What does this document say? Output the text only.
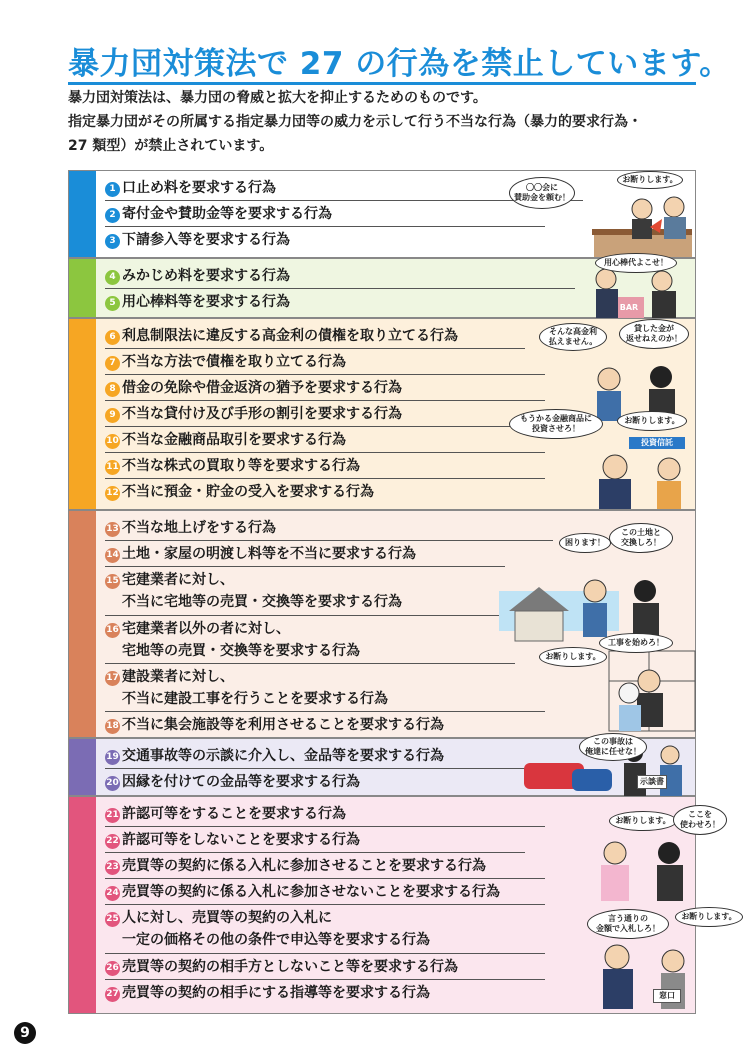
暴力団対策法で 27 の行為を禁止しています。
暴力団対策法は、暴力団の脅威と拡大を抑止するためのものです。
指定暴力団がその所属する指定暴力団等の威力を示して行う不当な行為（暴力的要求行為・
27 類型）が禁止されています。
1 口止め料を要求する行為
2 寄付金や賛助金等を要求する行為
3 下請参入等を要求する行為
〇〇会に
賛助金を頼む！
お断りします。
4 みかじめ料を要求する行為
5 用心棒料等を要求する行為	BAR
用心棒代よこせ！
6 利息制限法に違反する高金利の債権を取り立てる行為
7 不当な方法で債権を取り立てる行為
8 借金の免除や借金返済の猶予を要求する行為
9 不当な貸付け及び手形の割引を要求する行為
10 不当な金融商品取引を要求する行為
11 不当な株式の買取り等を要求する行為
12 不当に預金・貯金の受入を要求する行為
投資信託
そんな高金利
払えません。
貸した金が
返せねえのか！
もうかる金融商品に
投資させろ！
お断りします。
13 不当な地上げをする行為
14 土地・家屋の明渡し料等を不当に要求する行為
15 宅建業者に対し、
不当に宅地等の売買・交換等を要求する行為
16 宅建業者以外の者に対し、
宅地等の売買・交換等を要求する行為
17 建設業者に対し、
不当に建設工事を行うことを要求する行為
18 不当に集会施設等を利用させることを要求する行為
困ります！
この土地と
交換しろ！
お断りします。
工事を始めろ！
19 交通事故等の示談に介入し、金品等を要求する行為
20 因縁を付けての金品等を要求する行為	示談書
この事故は
俺達に任せな！
21 許認可等をすることを要求する行為
22 許認可等をしないことを要求する行為
23 売買等の契約に係る入札に参加させることを要求する行為
24 売買等の契約に係る入札に参加させないことを要求する行為
25 人に対し、売買等の契約の入札に
一定の価格その他の条件で申込等を要求する行為
26 売買等の契約の相手方としないこと等を要求する行為
27 売買等の契約の相手にする指導等を要求する行為	窓口
お断りします。
ここを
使わせろ！
言う通りの
金額で入札しろ！
お断りします。
9
